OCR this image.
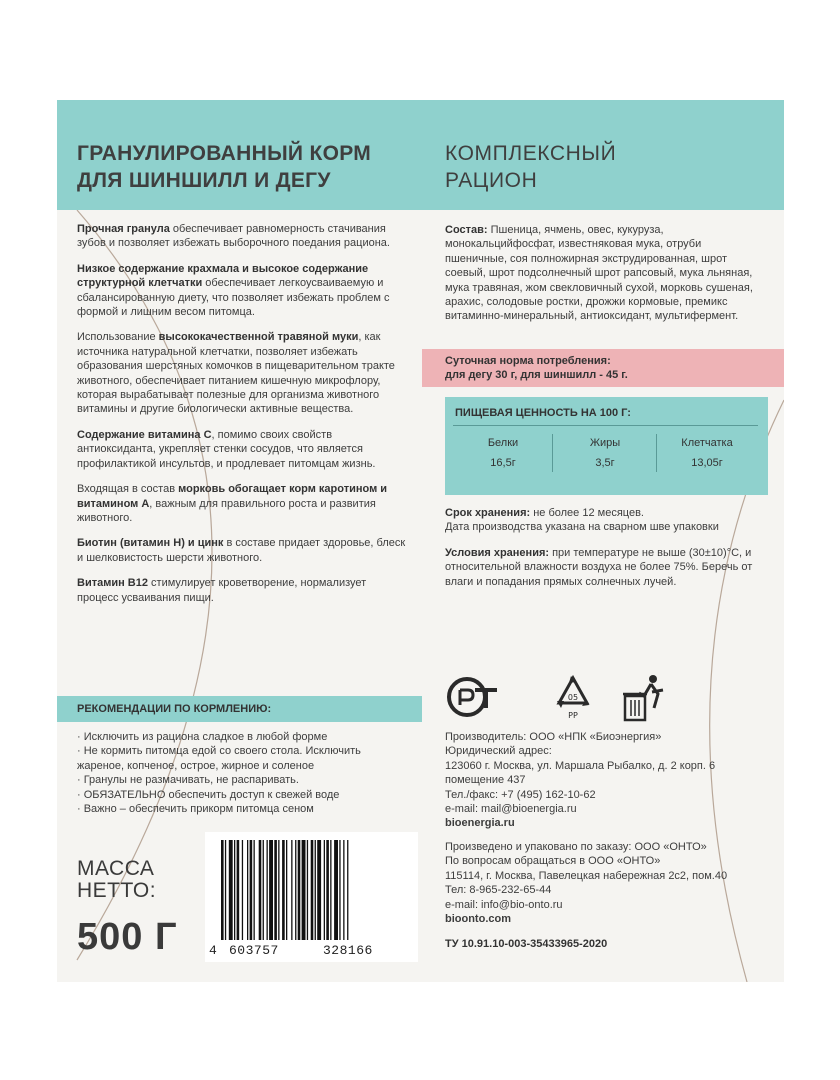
ГРАНУЛИРОВАННЫЙ КОРМ
ДЛЯ ШИНШИЛЛ И ДЕГУ
КОМПЛЕКСНЫЙ
РАЦИОН

Прочная гранула обеспечивает равномерность стачивания зубов и позволяет избежать выборочного поедания рациона.

Низкое содержание крахмала и высокое содержание структурной клетчатки обеспечивает легкоусваиваемую и сбалансированную диету, что позволяет избежать проблем с формой и лишним весом питомца.

Использование высококачественной травяной муки, как источника натуральной клетчатки, позволяет избежать образования шерстяных комочков в пищеварительном тракте животного, обеспечивает питанием кишечную микрофлору, которая вырабатывает полезные для организма животного витамины и другие биологически активные вещества.

Содержание витамина С, помимо своих свойств антиоксиданта, укрепляет стенки сосудов, что является профилактикой инсультов, и продлевает питомцам жизнь.

Входящая в состав морковь обогащает корм каротином и витамином А, важным для правильного роста и развития животного.

Биотин (витамин Н) и цинк в составе придает здоровье, блеск и шелковистость шерсти животного.

Витамин В12 стимулирует кроветворение, нормализует процесс усваивания пищи.

РЕКОМЕНДАЦИИ ПО КОРМЛЕНИЮ:
· Исключить из рациона сладкое в любой форме
· Не кормить питомца едой со своего стола. Исключить жареное, копченое, острое, жирное и соленое
· Гранулы не размачивать, не распаривать.
· ОБЯЗАТЕЛЬНО обеспечить доступ к свежей воде
· Важно – обеспечить прикорм питомца сеном
МАССА
НЕТТО:
500 Г 4 603757	328166

Состав: Пшеница, ячмень, овес, кукуруза, монокальцийфосфат, известняковая мука, отруби пшеничные, соя полножирная экструдированная, шрот соевый, шрот подсолнечный шрот рапсовый, мука льняная, мука травяная, жом свекловичный сухой, морковь сушеная, арахис, солодовые ростки, дрожжи кормовые, премикс витаминно-минеральный, антиоксидант, мультифермент.

Суточная норма потребления:
для дегу 30 г, для шиншилл - 45 г.
ПИЩЕВАЯ ЦЕННОСТЬ НА 100 Г:
Белки
16,5г
Жиры
3,5г
Клетчатка
13,05г

Срок хранения: не более 12 месяцев.

Дата производства указана на сварном шве упаковки

Условия хранения: при температуре не выше (30±10)°С, и относительной влажности воздуха не более 75%. Беречь от влаги и попадания прямых солнечных лучей.

05
PP
Производитель: ООО «НПК «Биоэнергия»
Юридический адрес:
123060 г. Москва, ул. Маршала Рыбалко, д. 2 корп. 6
помещение 437
Тел./факс: +7 (495) 162-10-62
e-mail: mail@bioenergia.ru
bioenergia.ru
Произведено и упаковано по заказу: ООО «ОНТО»
По вопросам обращаться в ООО «ОНТО»
115114, г. Москва, Павелецкая набережная 2с2, пом.40
Тел: 8-965-232-65-44
e-mail: info@bio-onto.ru
bioonto.com
ТУ 10.91.10-003-35433965-2020
